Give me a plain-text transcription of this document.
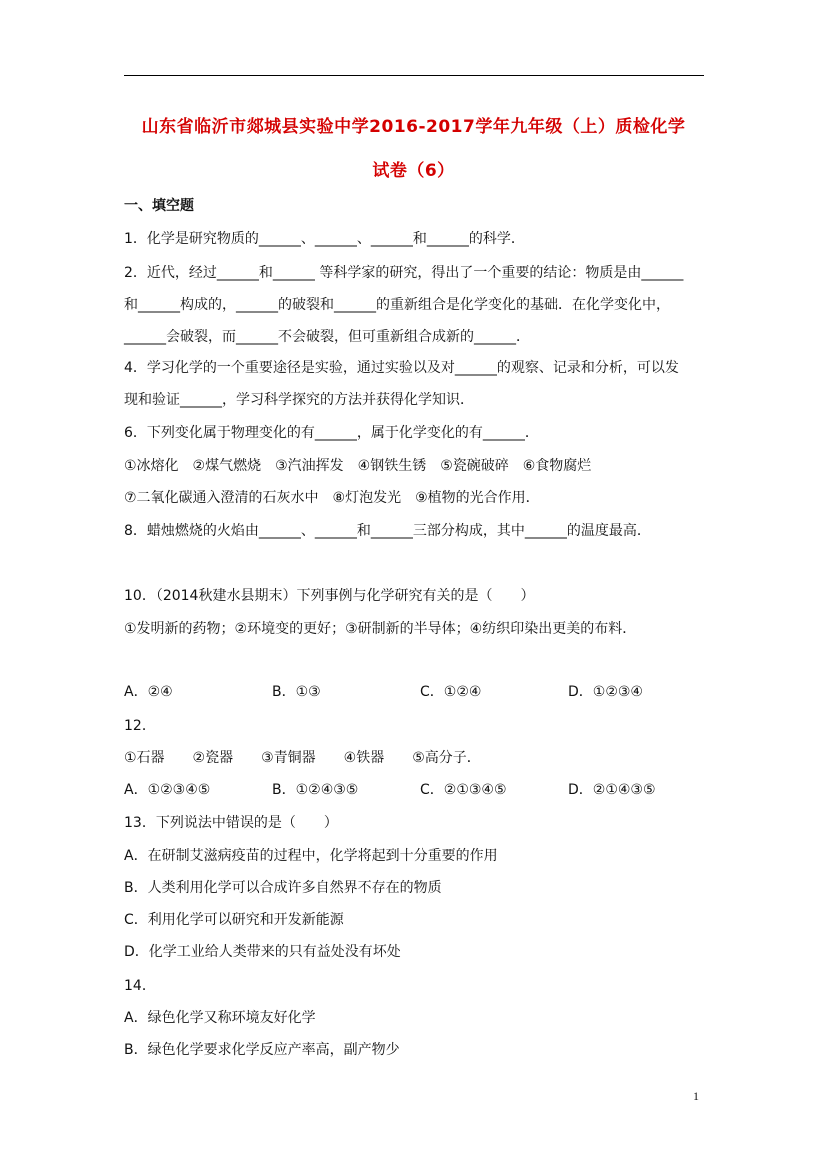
山东省临沂市郯城县实验中学2016-2017学年九年级（上）质检化学
试卷（6）
一、填空题
1．化学是研究物质的______、______、______和______的科学．
2．近代，经过______和______ 等科学家的研究，得出了一个重要的结论：物质是由______
和______构成的，______的破裂和______的重新组合是化学变化的基础．在化学变化中，
______会破裂，而______不会破裂，但可重新组合成新的______．
4．学习化学的一个重要途径是实验，通过实验以及对______的观察、记录和分析，可以发
现和验证______，学习科学探究的方法并获得化学知识．
6．下列变化属于物理变化的有______，属于化学变化的有______．
①冰熔化　②煤气燃烧　③汽油挥发　④钢铁生锈　⑤瓷碗破碎　⑥食物腐烂
⑦二氧化碳通入澄清的石灰水中　⑧灯泡发光　⑨植物的光合作用．
8．蜡烛燃烧的火焰由______、______和______三部分构成，其中______的温度最高．
10．（2014秋建水县期末）下列事例与化学研究有关的是（　　）
①发明新的药物；②环境变的更好；③研制新的半导体；④纺织印染出更美的布料．
A．②④	B．①③	C．①②④	D．①②③④
12．
①石器　　②瓷器　　③青铜器　　④铁器　　⑤高分子．
A．①②③④⑤	B．①②④③⑤	C．②①③④⑤	D．②①④③⑤
13．下列说法中错误的是（　　）
A．在研制艾滋病疫苗的过程中，化学将起到十分重要的作用
B．人类利用化学可以合成许多自然界不存在的物质
C．利用化学可以研究和开发新能源
D．化学工业给人类带来的只有益处没有坏处
14．
A．绿色化学又称环境友好化学
B．绿色化学要求化学反应产率高，副产物少
1
